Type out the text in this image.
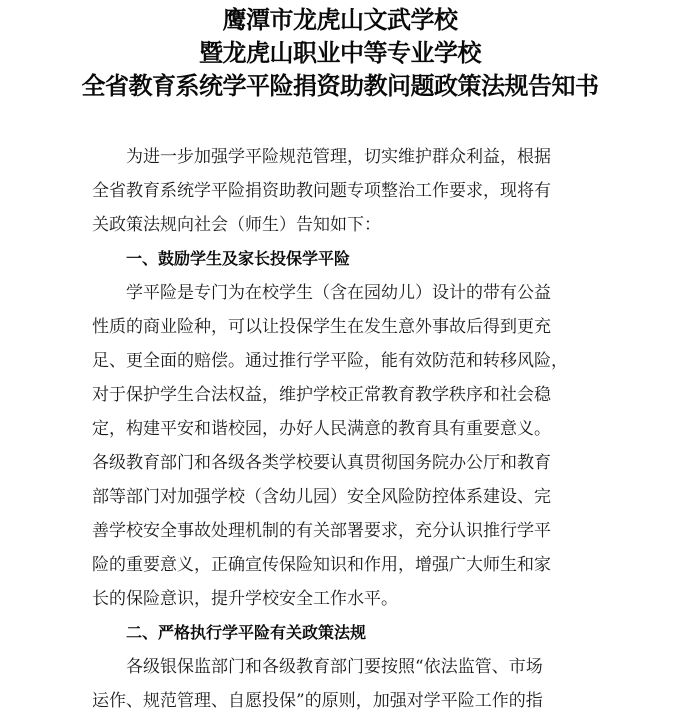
鹰潭市龙虎山文武学校
暨龙虎山职业中等专业学校
全省教育系统学平险捐资助教问题政策法规告知书
为进一步加强学平险规范管理，切实维护群众利益，根据
全省教育系统学平险捐资助教问题专项整治工作要求，现将有
关政策法规向社会（师生）告知如下：
一、鼓励学生及家长投保学平险
学平险是专门为在校学生（含在园幼儿）设计的带有公益
性质的商业险种，可以让投保学生在发生意外事故后得到更充
足、更全面的赔偿。通过推行学平险，能有效防范和转移风险，
对于保护学生合法权益，维护学校正常教育教学秩序和社会稳
定，构建平安和谐校园，办好人民满意的教育具有重要意义。
各级教育部门和各级各类学校要认真贯彻国务院办公厅和教育
部等部门对加强学校（含幼儿园）安全风险防控体系建设、完
善学校安全事故处理机制的有关部署要求，充分认识推行学平
险的重要意义，正确宣传保险知识和作用，增强广大师生和家
长的保险意识，提升学校安全工作水平。
二、严格执行学平险有关政策法规
各级银保监部门和各级教育部门要按照“依法监管、市场
运作、规范管理、自愿投保”的原则，加强对学平险工作的指
